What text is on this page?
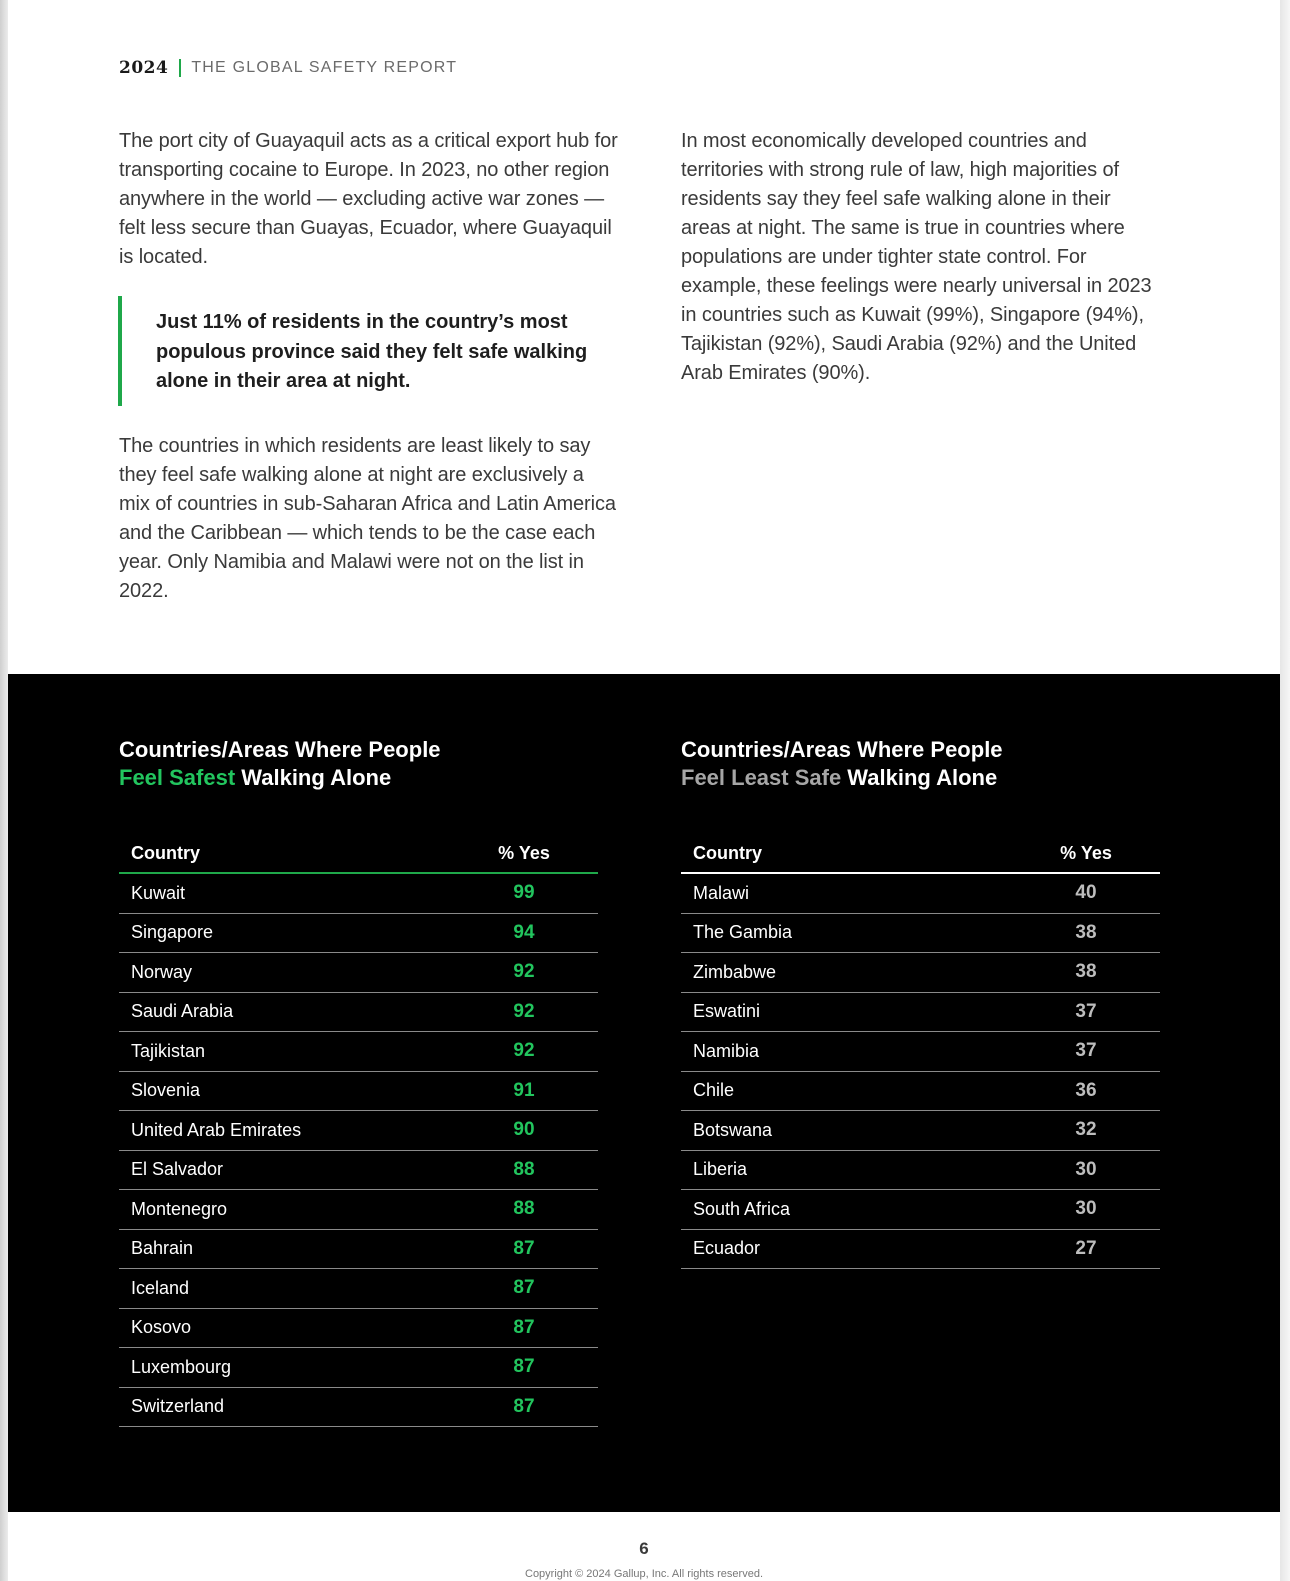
2024 THE GLOBAL SAFETY REPORT

The port city of Guayaquil acts as a critical export hub for transporting cocaine to Europe. In 2023, no other region anywhere in the world — excluding active war zones — felt less secure than Guayas, Ecuador, where Guayaquil is located.

Just 11% of residents in the country’s most populous province said they felt safe walking alone in their area at night.

The countries in which residents are least likely to say they feel safe walking alone at night are exclusively a mix of countries in sub-Saharan Africa and Latin America and the Caribbean — which tends to be the case each year. Only Namibia and Malawi were not on the list in 2022.

In most economically developed countries and territories with strong rule of law, high majorities of residents say they feel safe walking alone in their areas at night. The same is true in countries where populations are under tighter state control. For example, these feelings were nearly universal in 2023 in countries such as Kuwait (99%), Singapore (94%), Tajikistan (92%), Saudi Arabia (92%) and the United Arab Emirates (90%).

Countries/Areas Where People
Feel Safest Walking Alone
Country	% Yes
Kuwait	99
Singapore	94
Norway	92
Saudi Arabia	92
Tajikistan	92
Slovenia	91
United Arab Emirates	90
El Salvador	88
Montenegro	88
Bahrain	87
Iceland	87
Kosovo	87
Luxembourg	87
Switzerland	87
Countries/Areas Where People
Feel Least Safe Walking Alone
Country	% Yes
Malawi	40
The Gambia	38
Zimbabwe	38
Eswatini	37
Namibia	37
Chile	36
Botswana	32
Liberia	30
South Africa	30
Ecuador	27
6
Copyright © 2024 Gallup, Inc. All rights reserved.
